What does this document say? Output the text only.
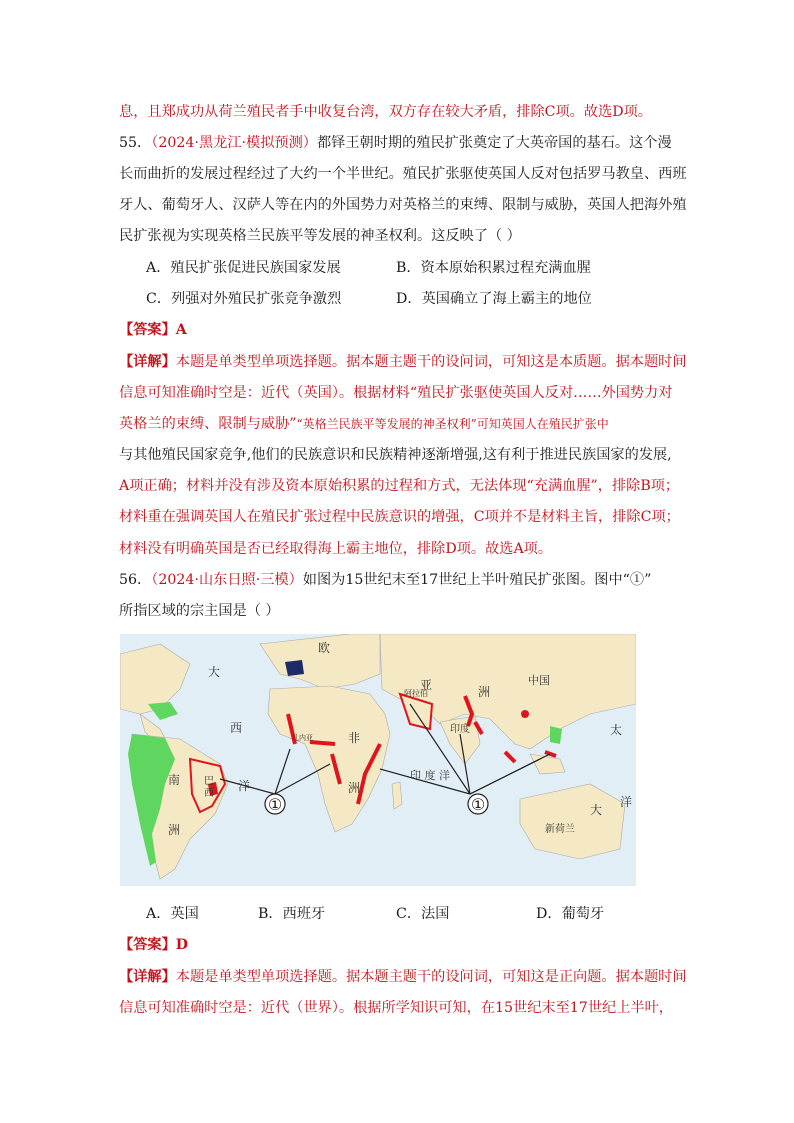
息，且郑成功从荷兰殖民者手中收复台湾，双方存在较大矛盾，排除C项。故选D项。
55．（2024·黑龙江·模拟预测）都铎王朝时期的殖民扩张奠定了大英帝国的基石。这个漫
长而曲折的发展过程经过了大约一个半世纪。殖民扩张驱使英国人反对包括罗马教皇、西班
牙人、葡萄牙人、汉萨人等在内的外国势力对英格兰的束缚、限制与威胁，英国人把海外殖
民扩张视为实现英格兰民族平等发展的神圣权利。这反映了（ ）
A．殖民扩张促进民族国家发展	B．资本原始积累过程充满血腥
C．列强对外殖民扩张竞争激烈	D．英国确立了海上霸主的地位
【答案】A
【详解】本题是单类型单项选择题。据本题主题干的设问词，可知这是本质题。据本题时间
信息可知准确时空是：近代（英国）。根据材料“殖民扩张驱使英国人反对……外国势力对
英格兰的束缚、限制与威胁”“英格兰民族平等发展的神圣权利”可知英国人在殖民扩张中
与其他殖民国家竞争,他们的民族意识和民族精神逐渐增强,这有利于推进民族国家的发展,
A项正确；材料并没有涉及资本原始积累的过程和方式，无法体现“充满血腥”，排除B项；
材料重在强调英国人在殖民扩张过程中民族意识的增强，C项并不是材料主旨，排除C项；
材料没有明确英国是否已经取得海上霸主地位，排除D项。故选A项。
56．（2024·山东日照·三模）如图为15世纪末至17世纪上半叶殖民扩张图。图中“①”
所指区域的宗主国是（ ）
①	①
大
西
洋
南 巴
西
洲
欧
非
洲
亚	洲
中国
印度
印 度 洋
阿拉伯
新荷兰
大
太
洋
几内亚
A．英国	B．西班牙	C．法国	D．葡萄牙
【答案】D
【详解】本题是单类型单项选择题。据本题主题干的设问词，可知这是正向题。据本题时间
信息可知准确时空是：近代（世界）。根据所学知识可知，在15世纪末至17世纪上半叶，
